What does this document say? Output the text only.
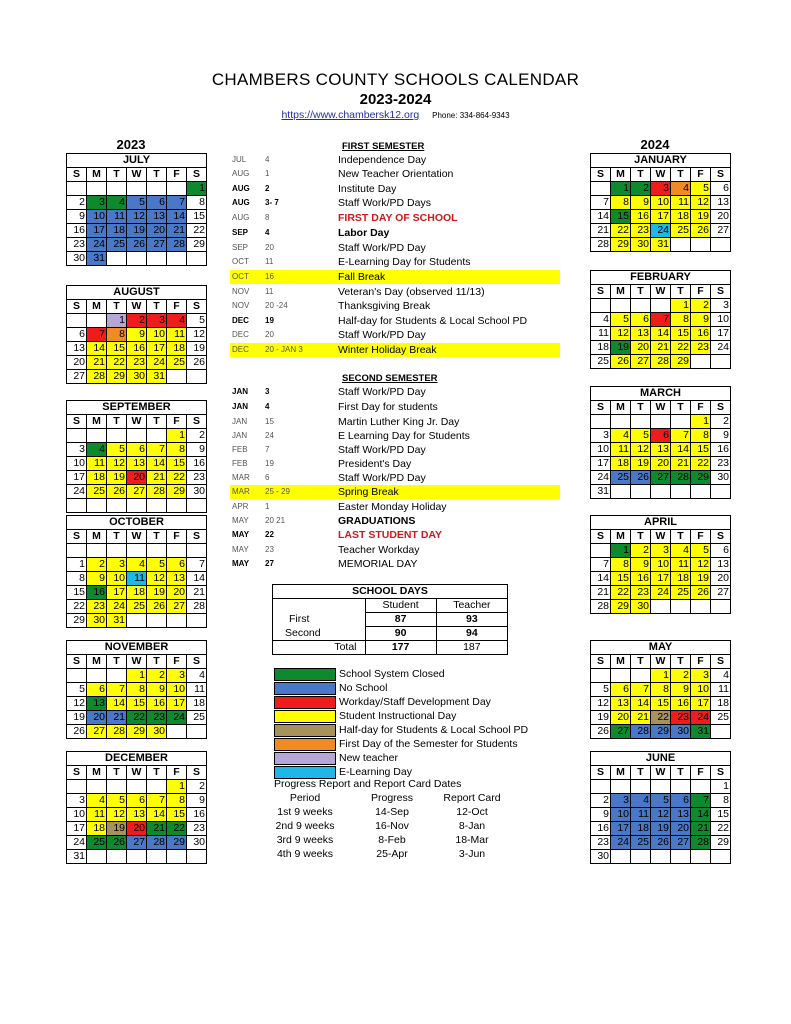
CHAMBERS COUNTY SCHOOLS CALENDAR
2023-2024
https://www.chambersk12.org Phone: 334-864-9343
2023	2024
JULY						
S	M	T	W	T	F	S
						1
2	3	4	5	6	7	8
9	10	11	12	13	14	15
16	17	18	19	20	21	22
23	24	25	26	27	28	29
30	31					
AUGUST						
S	M	T	W	T	F	S
		1	2	3	4	5
6	7	8	9	10	11	12
13	14	15	16	17	18	19
20	21	22	23	24	25	26
27	28	29	30	31		
SEPTEMBER						
S	M	T	W	T	F	S
					1	2
3	4	5	6	7	8	9
10	11	12	13	14	15	16
17	18	19	20	21	22	23
24	25	26	27	28	29	30

OCTOBER						
S	M	T	W	T	F	S

1	2	3	4	5	6	7
8	9	10	11	12	13	14
15	16	17	18	19	20	21
22	23	24	25	26	27	28
29	30	31				
NOVEMBER						
S	M	T	W	T	F	S
			1	2	3	4
5	6	7	8	9	10	11
12	13	14	15	16	17	18
19	20	21	22	23	24	25
26	27	28	29	30		
DECEMBER						
S	M	T	W	T	F	S
					1	2
3	4	5	6	7	8	9
10	11	12	13	14	15	16
17	18	19	20	21	22	23
24	25	26	27	28	29	30
31						
JANUARY						
S	M	T	W	T	F	S
	1	2	3	4	5	6
7	8	9	10	11	12	13
14	15	16	17	18	19	20
21	22	23	24	25	26	27
28	29	30	31			
FEBRUARY						
S	M	T	W	T	F	S
				1	2	3
4	5	6	7	8	9	10
11	12	13	14	15	16	17
18	19	20	21	22	23	24
25	26	27	28	29		
MARCH						
S	M	T	W	T	F	S
					1	2
3	4	5	6	7	8	9
10	11	12	13	14	15	16
17	18	19	20	21	22	23
24	25	26	27	28	29	30
31						
APRIL						
S	M	T	W	T	F	S
	1	2	3	4	5	6
7	8	9	10	11	12	13
14	15	16	17	18	19	20
21	22	23	24	25	26	27
28	29	30				
MAY						
S	M	T	W	T	F	S
			1	2	3	4
5	6	7	8	9	10	11
12	13	14	15	16	17	18
19	20	21	22	23	24	25
26	27	28	29	30	31	
JUNE						
S	M	T	W	T	F	S
						1
2	3	4	5	6	7	8
9	10	11	12	13	14	15
16	17	18	19	20	21	22
23	24	25	26	27	28	29
30						
FIRST SEMESTER
SECOND SEMESTER
JUL 4	Independence Day
AUG 1	New Teacher Orientation
AUG 2	Institute Day
AUG 3- 7	Staff Work/PD Days
AUG 8	FIRST DAY OF SCHOOL
SEP 4	Labor Day
SEP 20	Staff Work/PD Day
OCT 11	E-Learning Day for Students
OCT 16	Fall Break
NOV 11	Veteran's Day (observed 11/13)
NOV 20 -24	Thanksgiving Break
DEC 19	Half-day for Students & Local School PD
DEC 20	Staff Work/PD Day
DEC 20 - JAN 3	Winter Holiday Break
JAN 3	Staff Work/PD Day
JAN 4	First Day for students
JAN 15	Martin Luther King Jr. Day
JAN 24	E Learning Day for Students
FEB 7	Staff Work/PD Day
FEB 19	President's Day
MAR 6	Staff Work/PD Day
MAR 25 - 29	Spring Break
APR 1	Easter Monday Holiday
MAY 20 21	GRADUATIONS
MAY 22	LAST STUDENT DAY
MAY 23	Teacher Workday
MAY 27	MEMORIAL DAY
SCHOOL DAYS		
	Student	Teacher
First	87	93
Second	90	94
Total	177	187
School System Closed
No School
Workday/Staff Development Day
Student Instructional Day
Half-day for Students & Local School PD
First Day of the Semester for Students
New teacher
E-Learning Day
Progress Report and Report Card Dates
Period	Progress	Report Card
1st 9 weeks	14-Sep	12-Oct
2nd 9 weeks	16-Nov	8-Jan
3rd 9 weeks	8-Feb	18-Mar
4th 9 weeks	25-Apr	3-Jun
